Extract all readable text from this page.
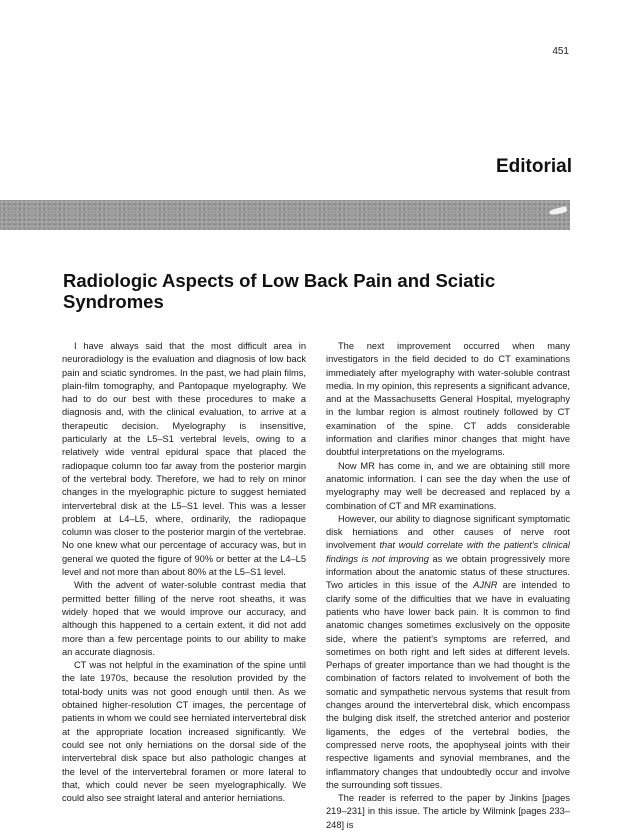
451
Editorial
Radiologic Aspects of Low Back Pain and Sciatic Syndromes

I have always said that the most difficult area in neuroradiology is the evaluation and diagnosis of low back pain and sciatic syndromes. In the past, we had plain films, plain-film tomography, and Pantopaque myelography. We had to do our best with these procedures to make a diagnosis and, with the clinical evaluation, to arrive at a therapeutic decision. Myelography is insensitive, particularly at the L5–S1 vertebral levels, owing to a relatively wide ventral epidural space that placed the radiopaque column too far away from the posterior margin of the vertebral body. Therefore, we had to rely on minor changes in the myelographic picture to suggest herniated intervertebral disk at the L5–S1 level. This was a lesser problem at L4–L5, where, ordinarily, the radiopaque column was closer to the posterior margin of the vertebrae. No one knew what our percentage of accuracy was, but in general we quoted the figure of 90% or better at the L4–L5 level and not more than about 80% at the L5–S1 level.

With the advent of water-soluble contrast media that permitted better filling of the nerve root sheaths, it was widely hoped that we would improve our accuracy, and although this happened to a certain extent, it did not add more than a few percentage points to our ability to make an accurate diagnosis.

CT was not helpful in the examination of the spine until the late 1970s, because the resolution provided by the total-body units was not good enough until then. As we obtained higher-resolution CT images, the percentage of patients in whom we could see herniated intervertebral disk at the appropriate location increased significantly. We could see not only herniations on the dorsal side of the intervertebral disk space but also pathologic changes at the level of the intervertebral foramen or more lateral to that, which could never be seen myelographically. We could also see straight lateral and anterior herniations.

The next improvement occurred when many investigators in the field decided to do CT examinations immediately after myelography with water-soluble contrast media. In my opinion, this represents a significant advance, and at the Massachusetts General Hospital, myelography in the lumbar region is almost routinely followed by CT examination of the spine. CT adds considerable information and clarifies minor changes that might have doubtful interpretations on the myelograms.

Now MR has come in, and we are obtaining still more anatomic information. I can see the day when the use of myelography may well be decreased and replaced by a combination of CT and MR examinations.

However, our ability to diagnose significant symptomatic disk herniations and other causes of nerve root involvement that would correlate with the patient's clinical findings is not improving as we obtain progressively more information about the anatomic status of these structures. Two articles in this issue of the AJNR are intended to clarify some of the difficulties that we have in evaluating patients who have lower back pain. It is common to find anatomic changes sometimes exclusively on the opposite side, where the patient's symptoms are referred, and sometimes on both right and left sides at different levels. Perhaps of greater importance than we had thought is the combination of factors related to involvement of both the somatic and sympathetic nervous systems that result from changes around the intervertebral disk, which encompass the bulging disk itself, the stretched anterior and posterior ligaments, the edges of the vertebral bodies, the compressed nerve roots, the apophyseal joints with their respective ligaments and synovial membranes, and the inflammatory changes that undoubtedly occur and involve the surrounding soft tissues.

The reader is referred to the paper by Jinkins [pages 219–231] in this issue. The article by Wilmink [pages 233–248] is
